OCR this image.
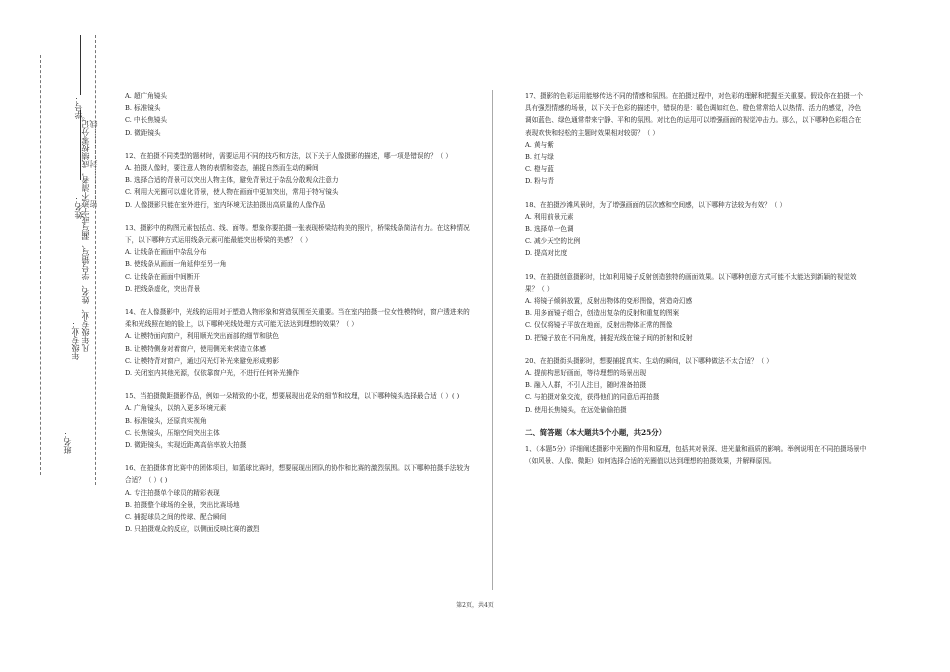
学号：
姓名：
凡年级专业、姓名、学号错写、漏写或字迹不清者，成绩按零分记。 密…………封…………线
年级专业：
班名：

A. 超广角镜头

B. 标准镜头

C. 中长焦镜头

D. 微距镜头

12、在拍摄不同类型的题材时，需要运用不同的技巧和方法，以下关于人像摄影的描述，哪一项是错误的？（ ）

A. 拍摄人像时，要注意人物的表情和姿态，捕捉自然而生动的瞬间

B. 选择合适的背景可以突出人物主体，避免背景过于杂乱分散观众注意力

C. 利用大光圈可以虚化背景，使人物在画面中更加突出，常用于特写镜头

D. 人像摄影只能在室外进行，室内环境无法拍摄出高质量的人像作品

13、摄影中的构图元素包括点、线、面等。想象你要拍摄一张表现桥梁结构美的照片，桥梁线条简洁有力。在这种情况下，以下哪种方式运用线条元素可能最能突出桥梁的美感？（ ）

A. 让线条在画面中杂乱分布

B. 使线条从画面一角延伸至另一角

C. 让线条在画面中间断开

D. 把线条虚化，突出背景

14、在人像摄影中，光线的运用对于塑造人物形象和营造氛围至关重要。当在室内拍摄一位女性模特时，窗户透进来的柔和光线照在她的脸上，以下哪种光线处理方式可能无法达到理想的效果？（ ）

A. 让模特面向窗户，利用顺光突出面部的细节和肤色

B. 让模特侧身对着窗户，使用侧光来营造立体感

C. 让模特背对窗户，通过闪光灯补光来避免形成剪影

D. 关闭室内其他光源，仅依靠窗户光，不进行任何补光操作

15、当拍摄微距摄影作品，例如一朵精致的小花，想要展现出花朵的细节和纹理，以下哪种镜头选择最合适（ ）( )

A. 广角镜头，以纳入更多环境元素

B. 标准镜头，还原真实视角

C. 长焦镜头，压缩空间突出主体

D. 微距镜头，实现近距离高倍率放大拍摄

16、在拍摄体育比赛中的团体项目，如篮球比赛时，想要展现出团队的协作和比赛的激烈氛围。以下哪种拍摄手法较为合适？（ ）( )

A. 专注拍摄单个球员的精彩表现

B. 拍摄整个球场的全景，突出比赛场地

C. 捕捉球员之间的传球、配合瞬间

D. 只拍摄观众的反应，以侧面反映比赛的激烈

17、摄影的色彩运用能够传达不同的情感和氛围。在拍摄过程中，对色彩的理解和把握至关重要。假设你在拍摄一个具有强烈情感的场景，以下关于色彩的描述中，错误的是：暖色调如红色、橙色常常给人以热情、活力的感觉，冷色调如蓝色、绿色通常带来宁静、平和的氛围。对比色的运用可以增强画面的视觉冲击力。那么，以下哪种色彩组合在表现欢快和轻松的主题时效果相对较弱？（ ）

A. 黄与紫

B. 红与绿

C. 橙与蓝

D. 粉与青

18、在拍摄沙滩风景时，为了增强画面的层次感和空间感，以下哪种方法较为有效？（ ）

A. 利用前景元素

B. 选择单一色调

C. 减少天空的比例

D. 提高对比度

19、在拍摄创意摄影时，比如利用镜子反射创造独特的画面效果。以下哪种创意方式可能不太能达到新颖的视觉效果？（ ）

A. 将镜子倾斜放置，反射出物体的变形图像，营造奇幻感

B. 用多面镜子组合，创造出复杂的反射和重复的图案

C. 仅仅将镜子平放在地面，反射出物体正常的图像

D. 把镜子放在不同角度，捕捉光线在镜子间的折射和反射

20、在拍摄街头摄影时，想要捕捉真实、生动的瞬间，以下哪种做法不太合适？（ ）

A. 提前构思好画面，等待理想的场景出现

B. 融入人群，不引人注目，随时准备拍摄

C. 与拍摄对象交流，获得他们的同意后再拍摄

D. 使用长焦镜头，在远处偷偷拍摄

二、简答题（本大题共5个小题，共25分）

1、（本题5分）详细阐述摄影中光圈的作用和原理，包括其对景深、进光量和画质的影响。举例说明在不同拍摄场景中（如风景、人像、微距）如何选择合适的光圈值以达到理想的拍摄效果，并解释原因。

第2页，共4页
